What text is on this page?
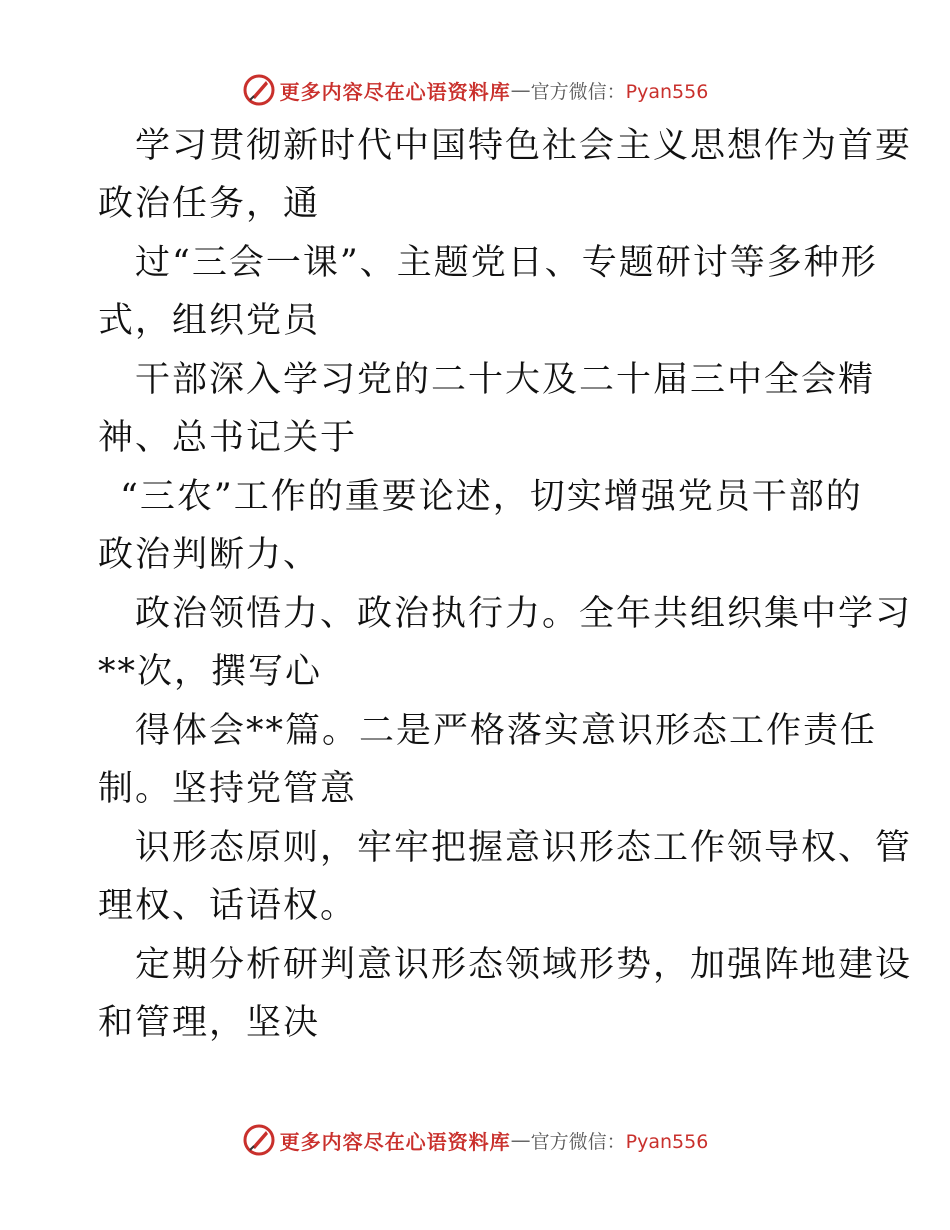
更多内容尽在心语资料库 — 官方微信：Pyan556
学习贯彻新时代中国特色社会主义思想作为首要
政治任务，通
过“三会一课”、主题党日、专题研讨等多种形
式，组织党员
干部深入学习党的二十大及二十届三中全会精
神、总书记关于
“三农”工作的重要论述，切实增强党员干部的
政治判断力、
政治领悟力、政治执行力。全年共组织集中学习
**次，撰写心
得体会**篇。二是严格落实意识形态工作责任
制。坚持党管意
识形态原则，牢牢把握意识形态工作领导权、管
理权、话语权。
定期分析研判意识形态领域形势，加强阵地建设
和管理，坚决
更多内容尽在心语资料库 — 官方微信：Pyan556
